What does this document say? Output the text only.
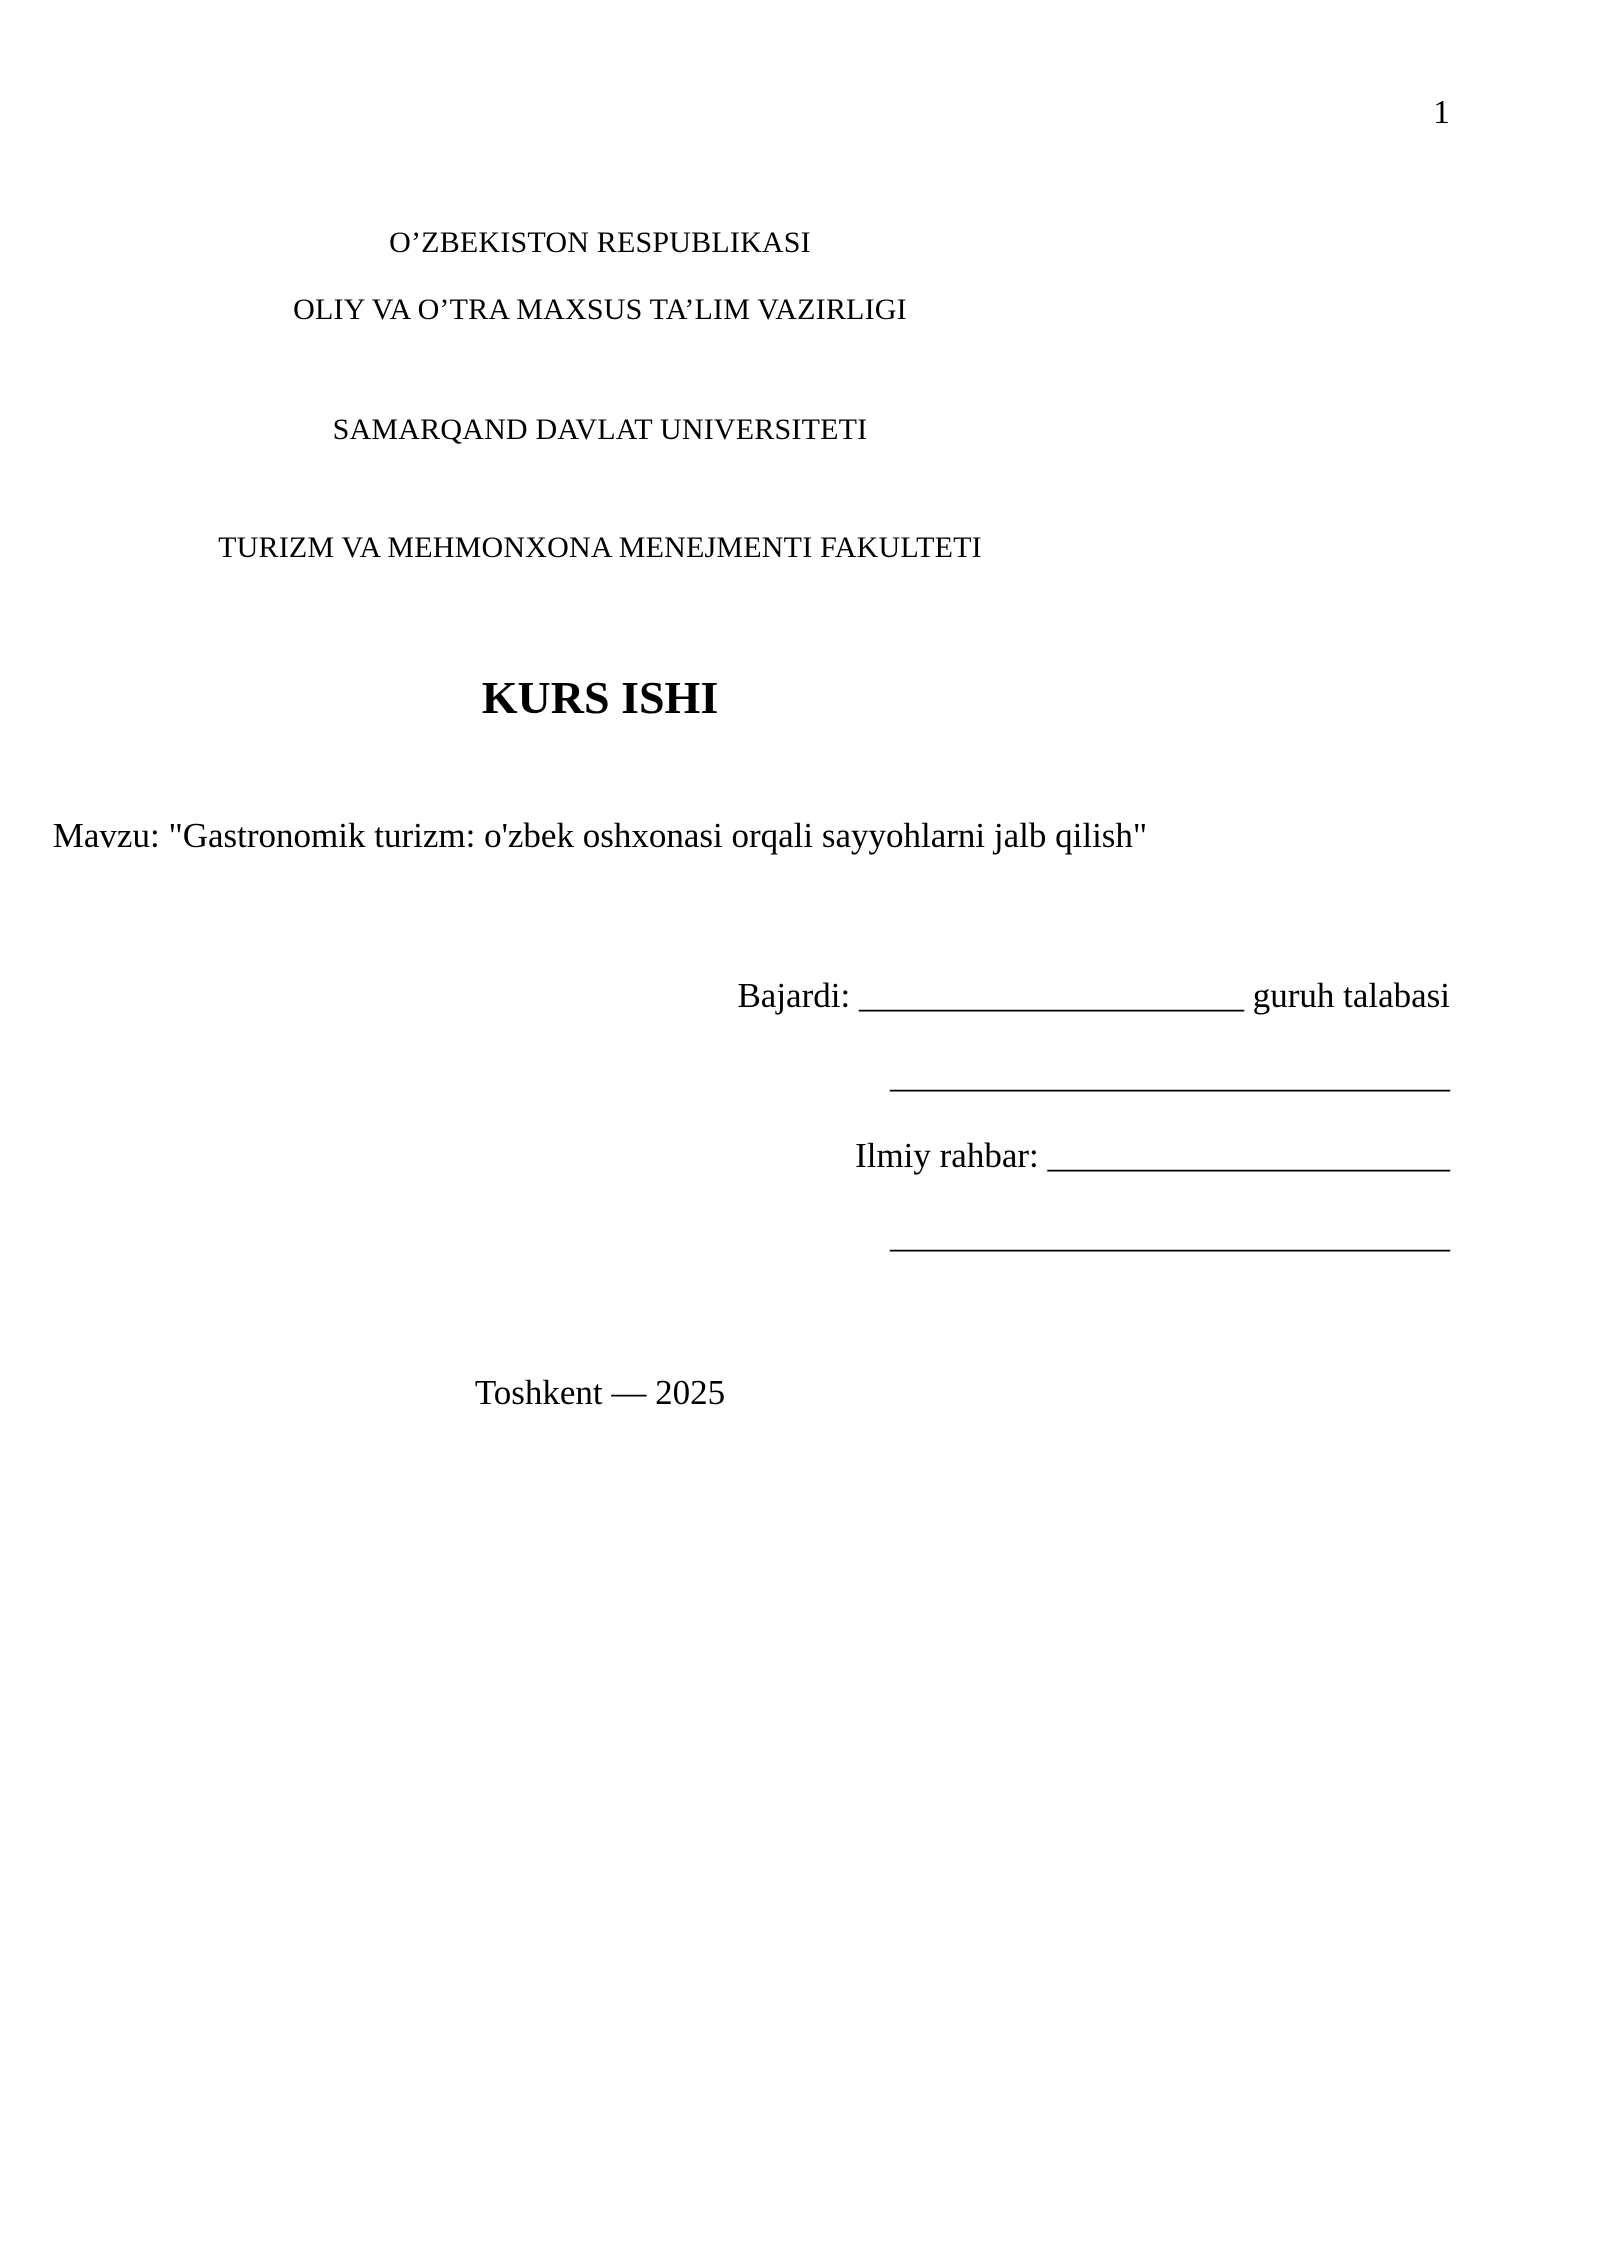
1
O’ZBEKISTON RESPUBLIKASI
OLIY VA O’TRA MAXSUS TA’LIM VAZIRLIGI
SAMARQAND DAVLAT UNIVERSITETI
TURIZM VA MEHMONXONA MENEJMENTI FAKULTETI
KURS ISHI
Mavzu: "Gastronomik turizm: o'zbek oshxonasi orqali sayyohlarni jalb qilish"
Bajardi: ______________________ guruh talabasi
________________________________
Ilmiy rahbar: _______________________
________________________________
Toshkent — 2025
